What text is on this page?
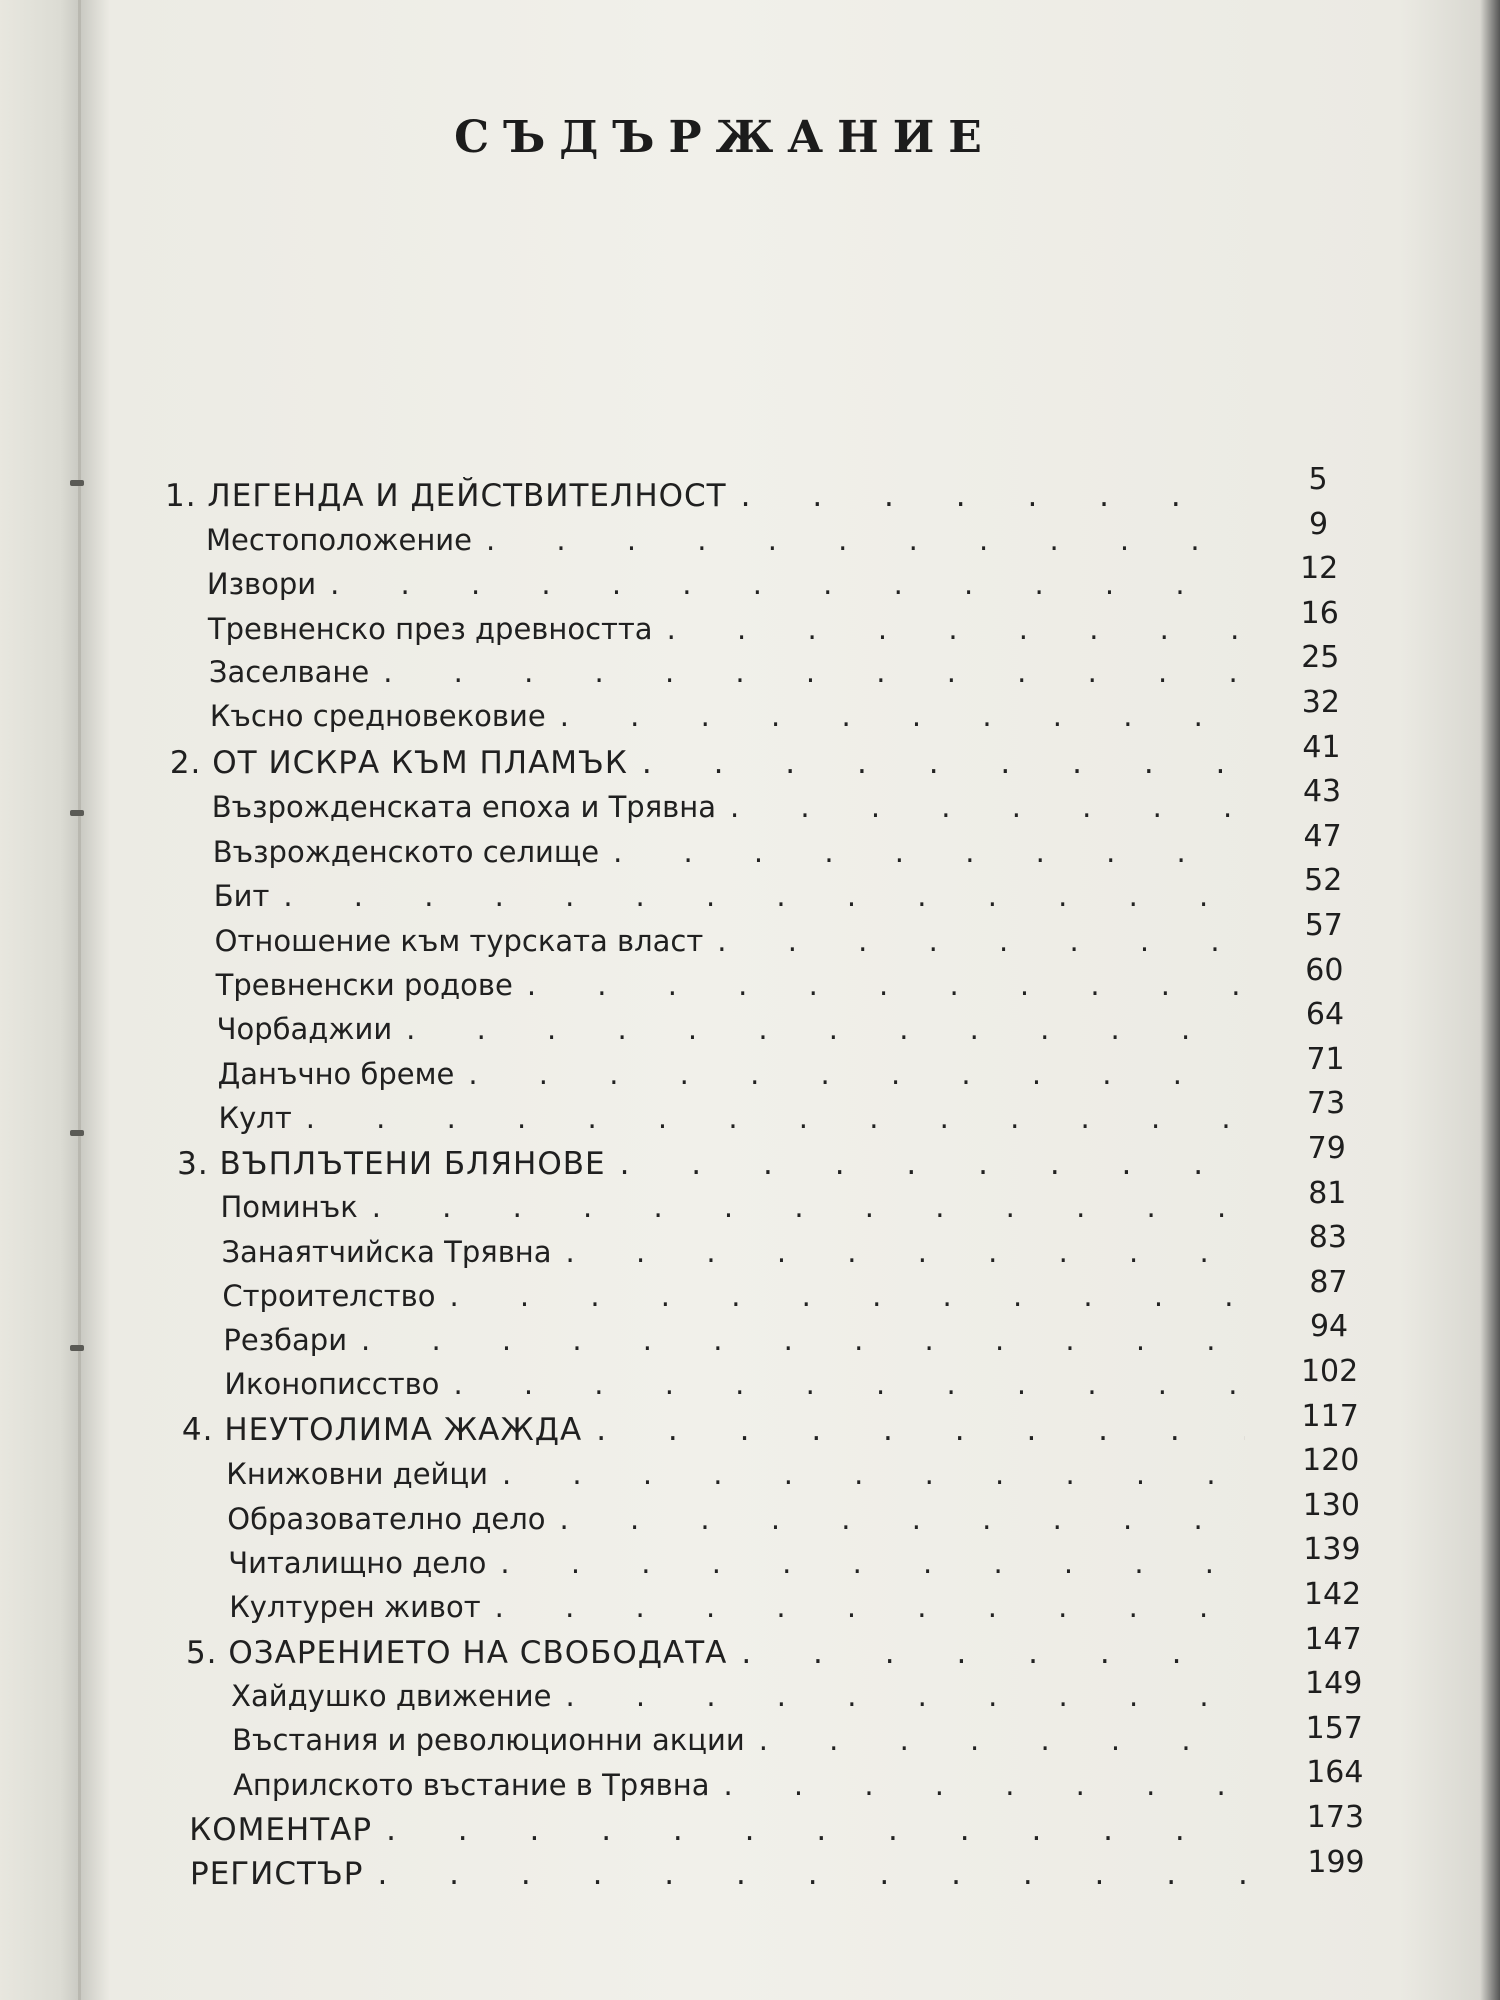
СЪДЪРЖАНИЕ
1. ЛЕГЕНДА И ДЕЙСТВИТЕЛНОСТ
. . .
Местоположение
. . .
Извори
. . .
Тревненско през древността
. . .
Заселване
. . .
Късно средновековие
. . .
2. ОТ ИСКРА КЪМ ПЛАМЪК
. . .
Възрожденската епоха и Трявна
. . .
Възрожденското селище
. . .
Бит
. . .
Отношение към турската власт
. . .
Тревненски родове
. . .
Чорбаджии
. . .
Данъчно бреме
. . .
Култ
. . .
3. ВЪПЛЪТЕНИ БЛЯНОВЕ
. . .
Поминък
. . .
Занаятчийска Трявна
. . .
Строителство
. . .
Резбари
. . .
Иконописство
. . .
4. НЕУТОЛИМА ЖАЖДА
. . .
Книжовни дейци
. . .
Образователно дело
. . .
Читалищно дело
. . .
Културен живот
. . .
5. ОЗАРЕНИЕТО НА СВОБОДАТА
. . .
Хайдушко движение
. . .
Въстания и революционни акции
. . .
Априлското въстание в Трявна
. . .
КОМЕНТАР
. . .
РЕГИСТЪР
. . .
5
9
12
16
25
32
41
43
47
52
57
60
64
71
73
79
81
83
87
94
102
117
120
130
139
142
147
149
157
164
173
199
